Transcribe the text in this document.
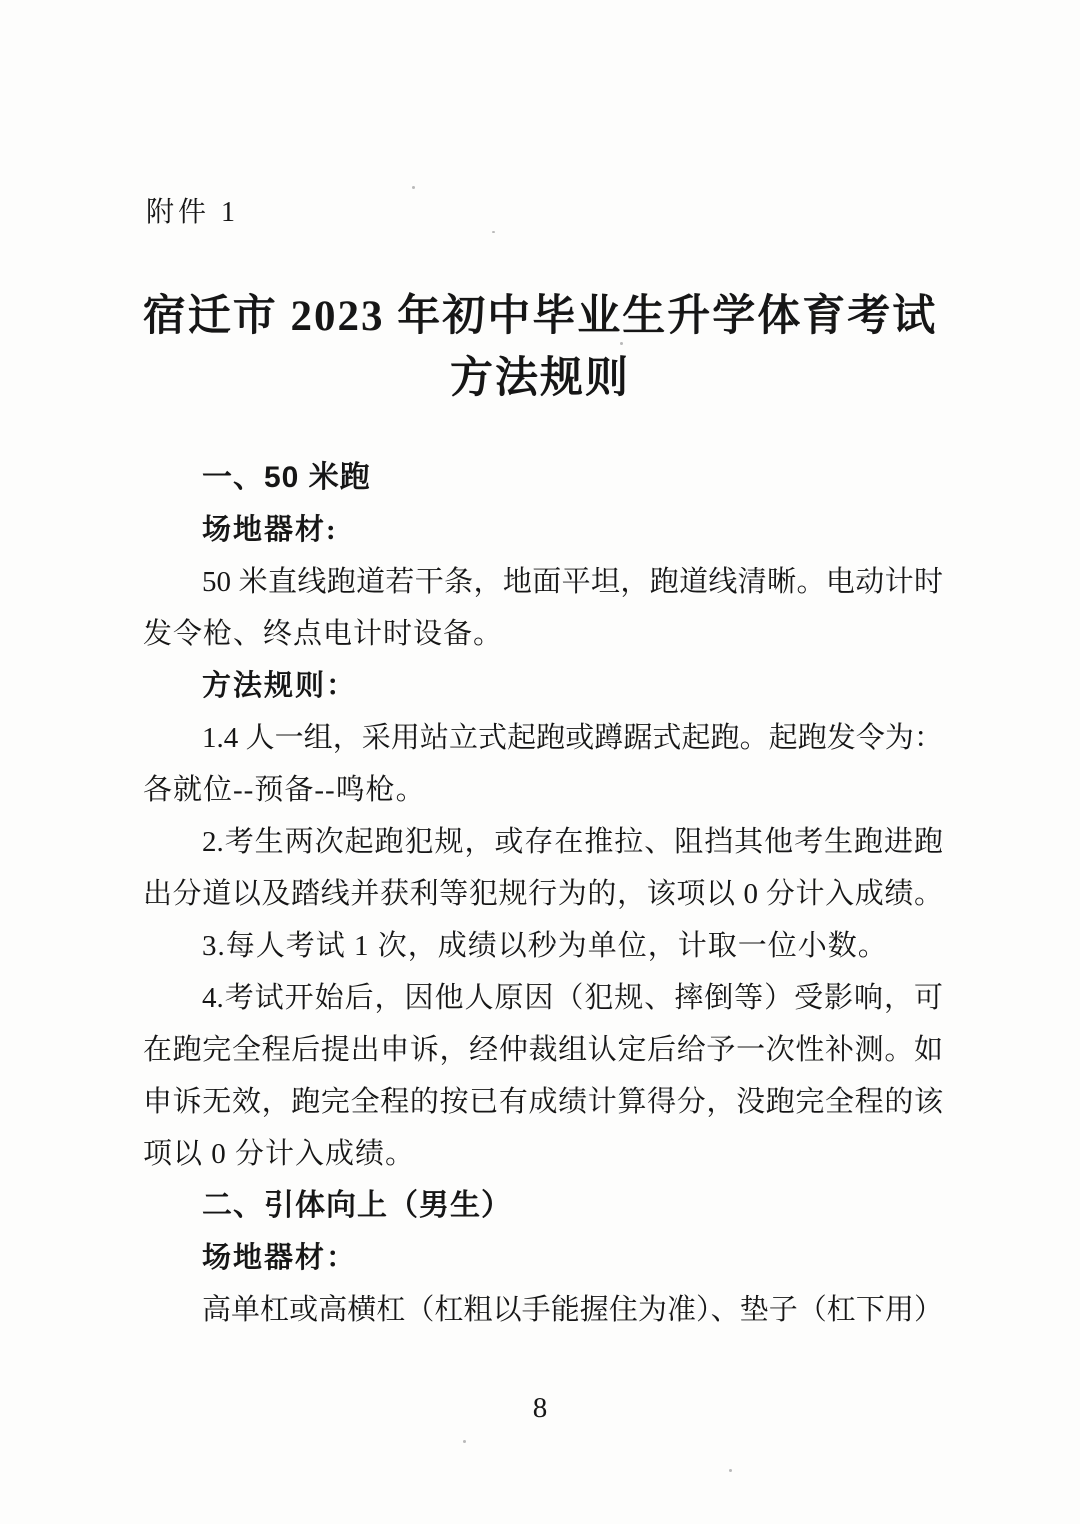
附件 1
宿迁市 2023 年初中毕业生升学体育考试
方法规则
一、50 米跑
场地器材:
50 米直线跑道若干条，地面平坦，跑道线清晰。电动计时
发令枪、终点电计时设备。
方法规则：
1.4 人一组，采用站立式起跑或蹲踞式起跑。起跑发令为：
各就位--预备--鸣枪。
2.考生两次起跑犯规，或存在推拉、阻挡其他考生跑进跑
出分道以及踏线并获利等犯规行为的，该项以 0 分计入成绩。
3.每人考试 1 次，成绩以秒为单位，计取一位小数。
4.考试开始后，因他人原因（犯规、摔倒等）受影响，可
在跑完全程后提出申诉，经仲裁组认定后给予一次性补测。如
申诉无效，跑完全程的按已有成绩计算得分，没跑完全程的该
项以 0 分计入成绩。
二、引体向上（男生）
场地器材：
高单杠或高横杠（杠粗以手能握住为准）、垫子（杠下用）
8
